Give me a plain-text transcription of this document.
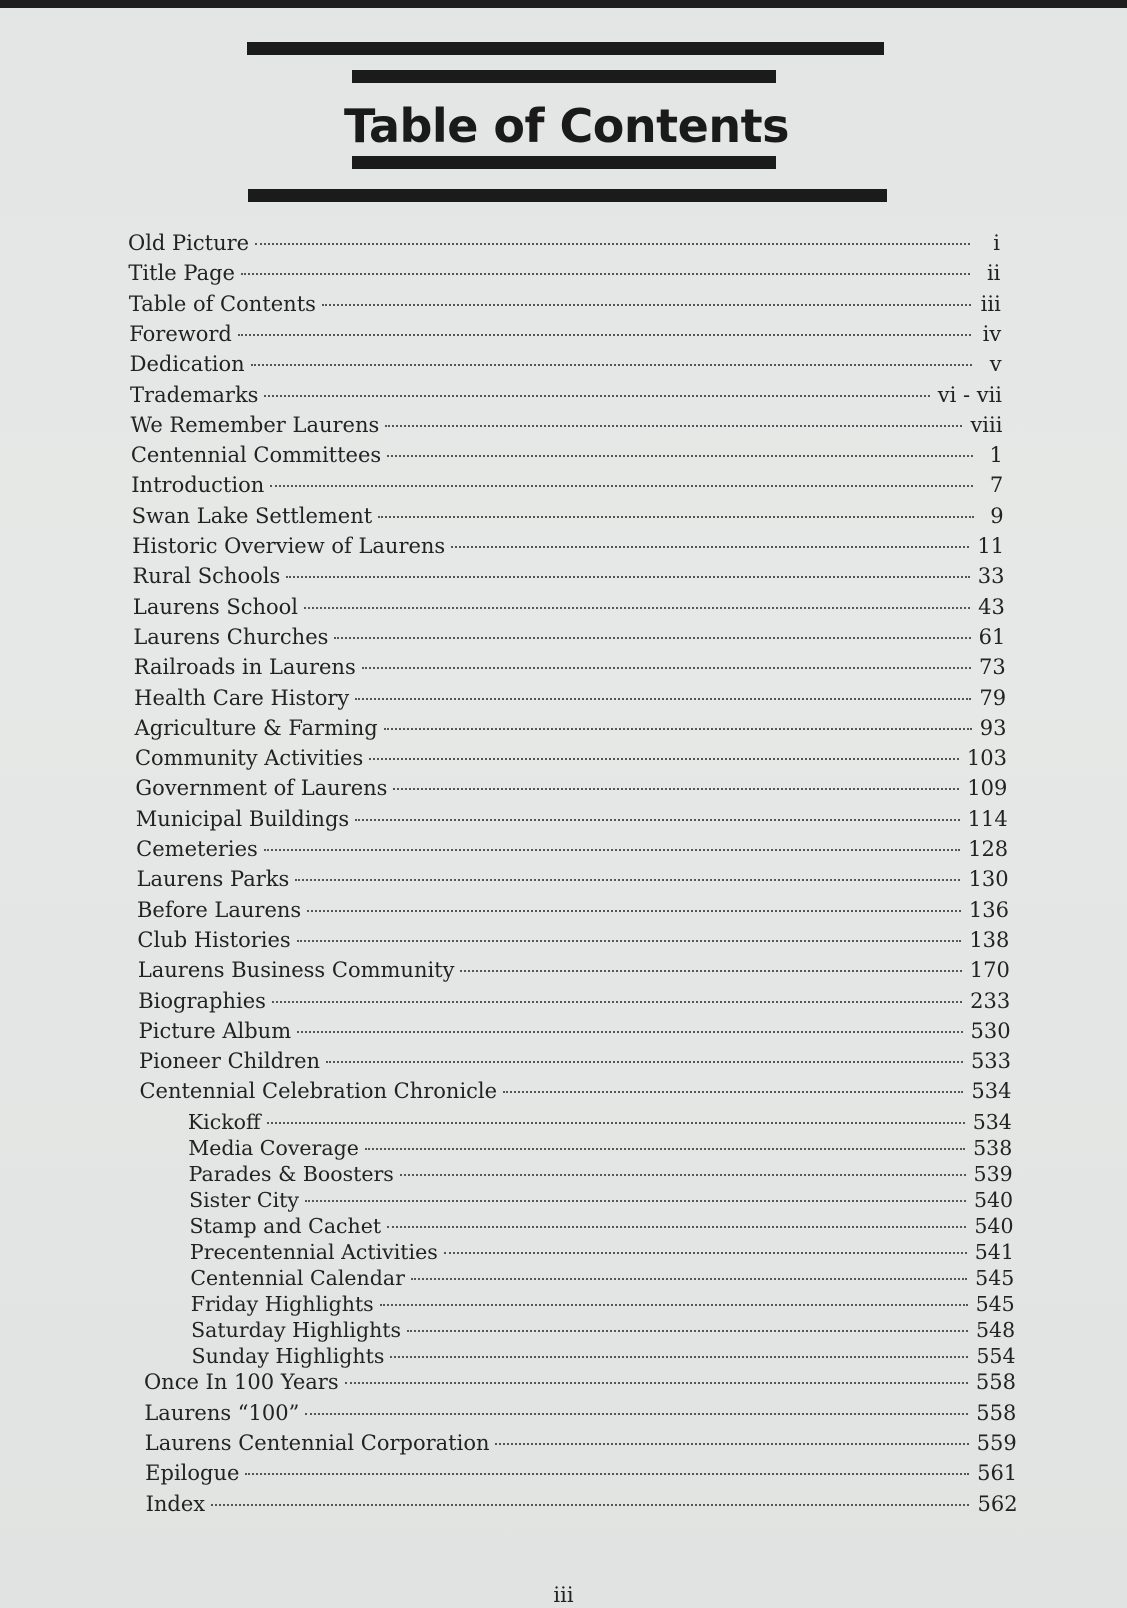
Table of Contents
Old Picture	i
Title Page	ii
Table of Contents	iii
Foreword	iv
Dedication	v
Trademarks	vi - vii
We Remember Laurens	viii
Centennial Committees	1
Introduction	7
Swan Lake Settlement	9
Historic Overview of Laurens	11
Rural Schools	33
Laurens School	43
Laurens Churches	61
Railroads in Laurens	73
Health Care History	79
Agriculture & Farming	93
Community Activities	103
Government of Laurens	109
Municipal Buildings	114
Cemeteries	128
Laurens Parks	130
Before Laurens	136
Club Histories	138
Laurens Business Community	170
Biographies	233
Picture Album	530
Pioneer Children	533
Centennial Celebration Chronicle	534
Kickoff	534
Media Coverage	538
Parades & Boosters	539
Sister City	540
Stamp and Cachet	540
Precentennial Activities	541
Centennial Calendar	545
Friday Highlights	545
Saturday Highlights	548
Sunday Highlights	554
Once In 100 Years	558
Laurens “100”	558
Laurens Centennial Corporation	559
Epilogue	561
Index	562

iii
